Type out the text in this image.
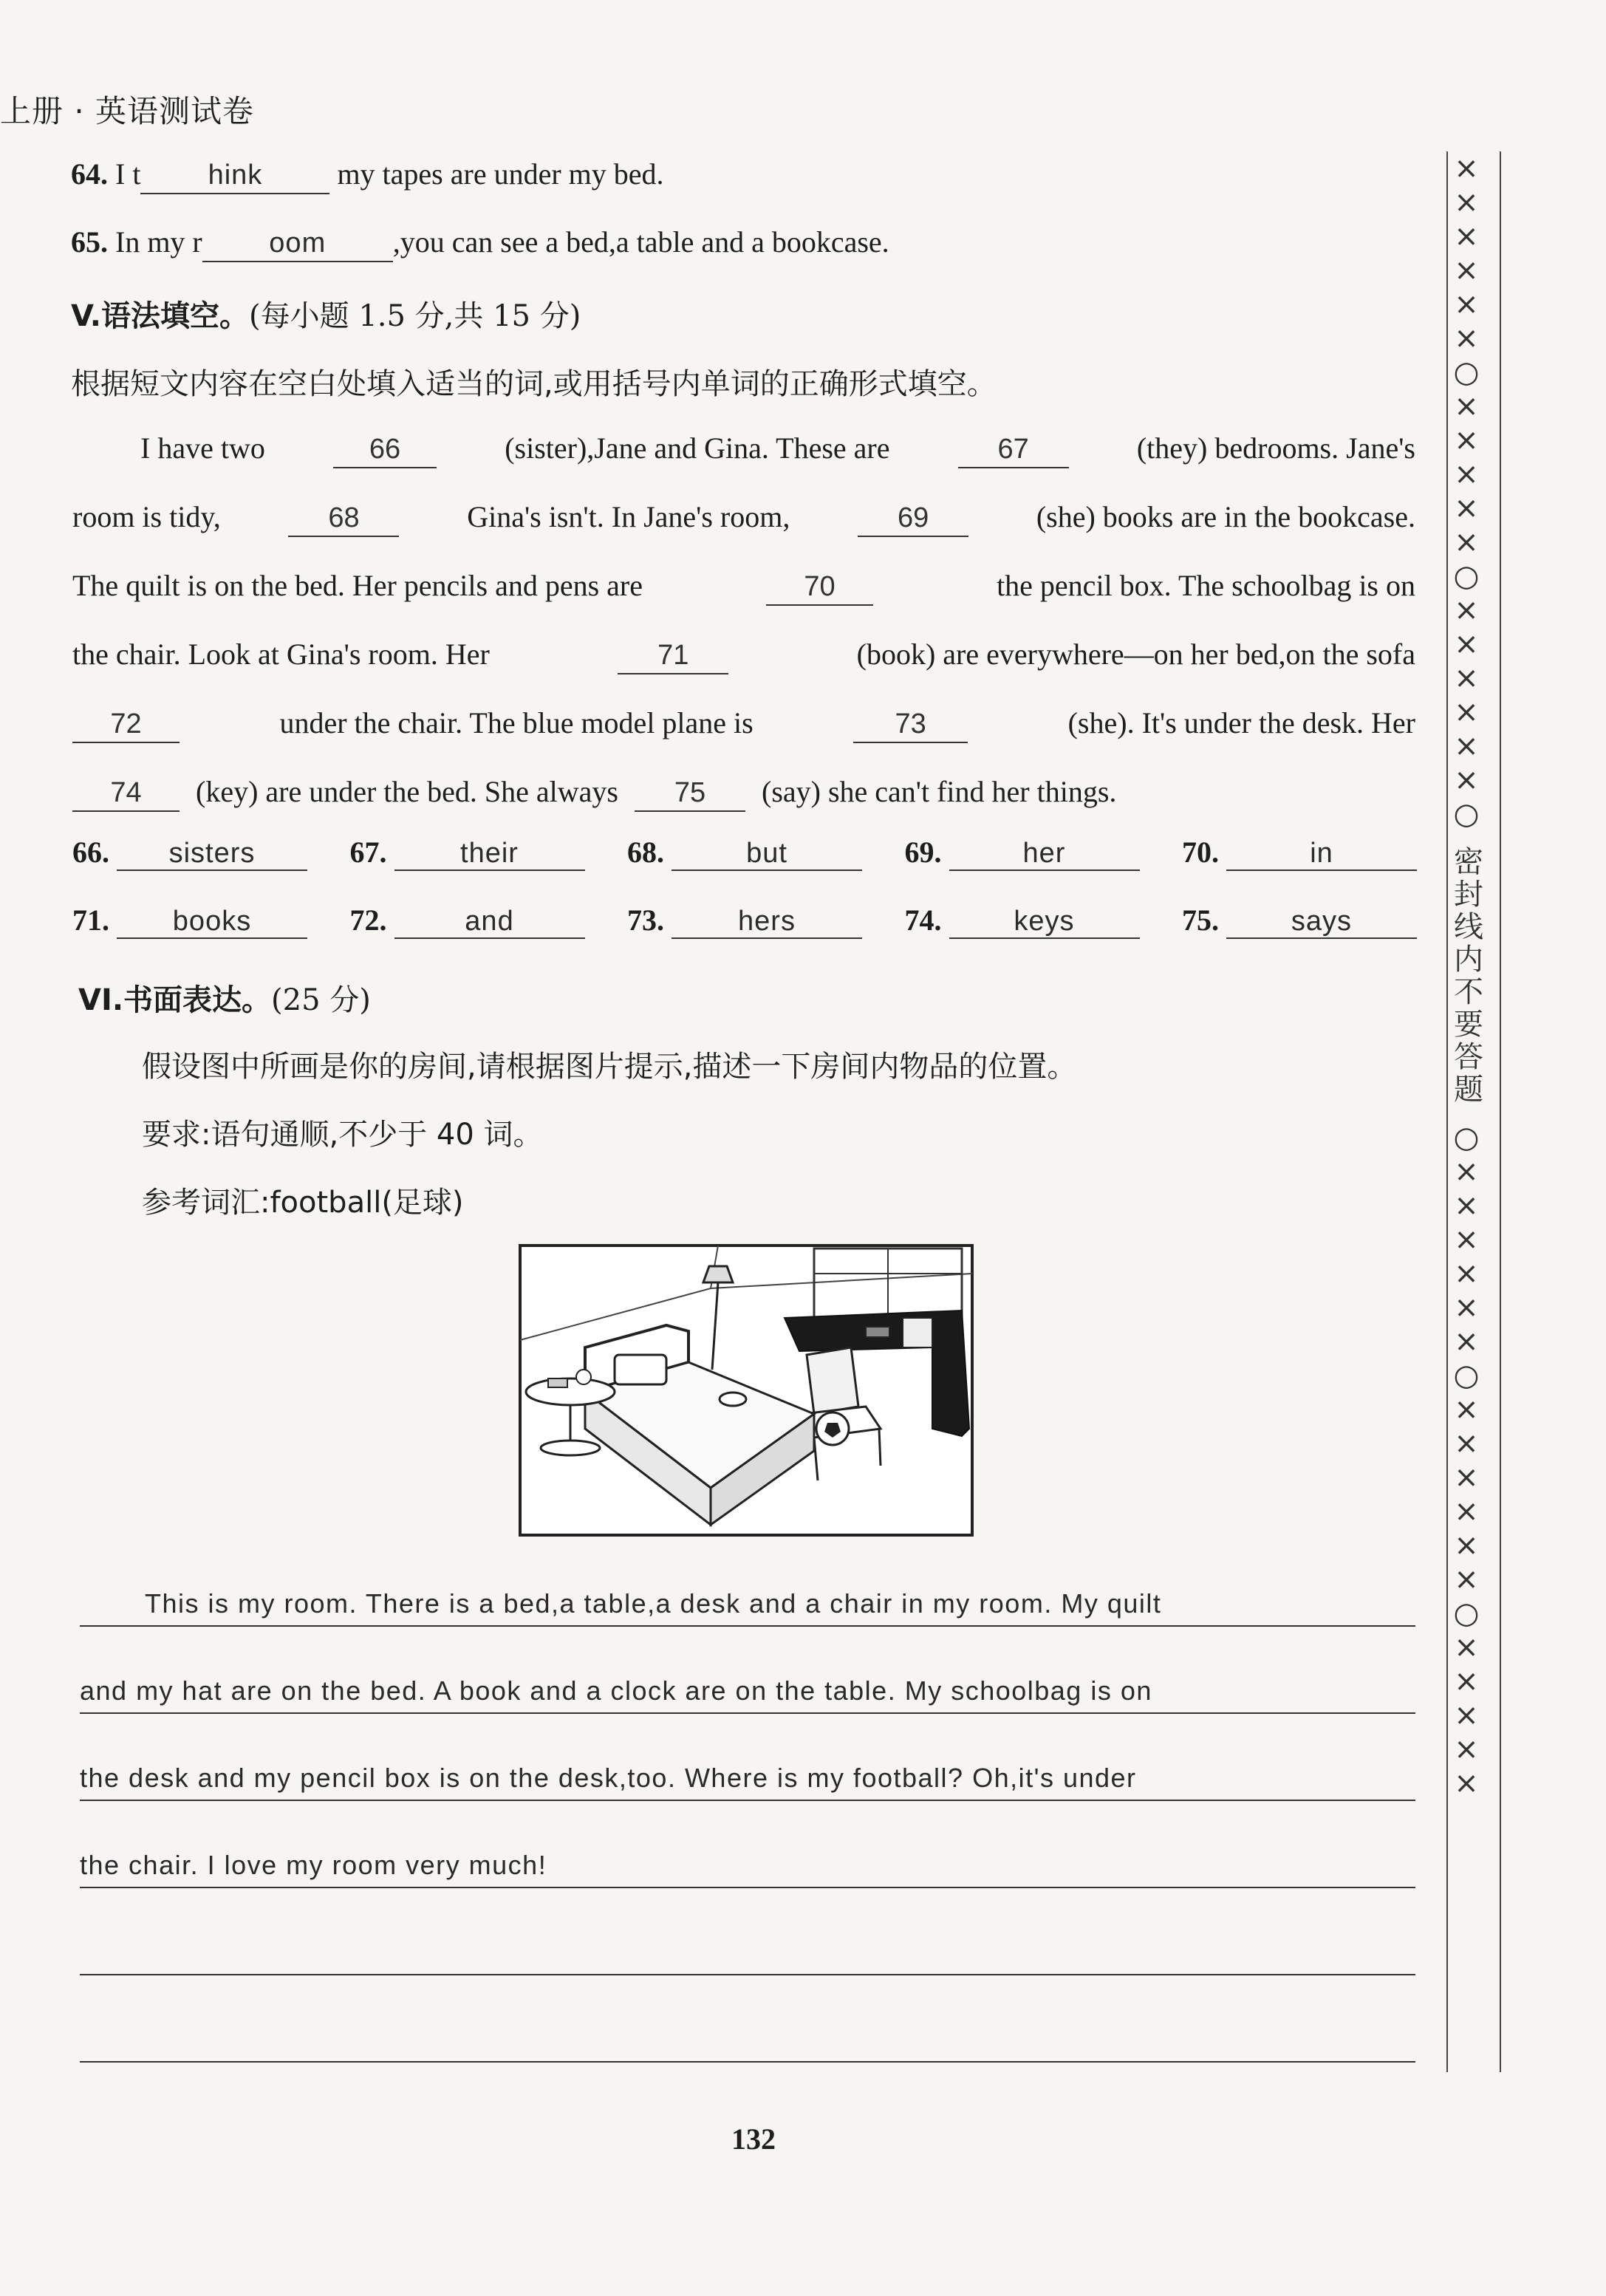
上册 · 英语测试卷
64. I t hink	my tapes are under my bed.
65. In my r oom ,you can see a bed,a table and a bookcase.
V.语法填空。(每小题 1.5 分,共 15 分)
根据短文内容在空白处填入适当的词,或用括号内单词的正确形式填空。
I have two	66	(sister),Jane and Gina. These are	67	(they) bedrooms. Jane's
room is tidy,	68	Gina's isn't. In Jane's room,	69	(she) books are in the bookcase.
The quilt is on the bed. Her pencils and pens are	70	the pencil box. The schoolbag is on
the chair. Look at Gina's room. Her	71	(book) are everywhere—on her bed,on the sofa
72	under the chair. The blue model plane is	73	(she). It's under the desk. Her
74	(key) are under the bed. She always	75	(say) she can't find her things.
66. sisters	67.	their	68.	but	69.	her	70.	in
71. books	72.	and	73.	hers	74.	keys	75.	says
VI.书面表达。(25 分)
假设图中所画是你的房间,请根据图片提示,描述一下房间内物品的位置。
要求:语句通顺,不少于 40 词。
参考词汇:football(足球)
This is my room. There is a bed,a table,a desk and a chair in my room. My quilt
and my hat are on the bed. A book and a clock are on the table. My schoolbag is on
the desk and my pencil box is on the desk,too. Where is my football? Oh,it's under
the chair. I love my room very much!
××××××○×××××○××××××○
密封线内不要答题
○××××××○××××××○×××××
132
